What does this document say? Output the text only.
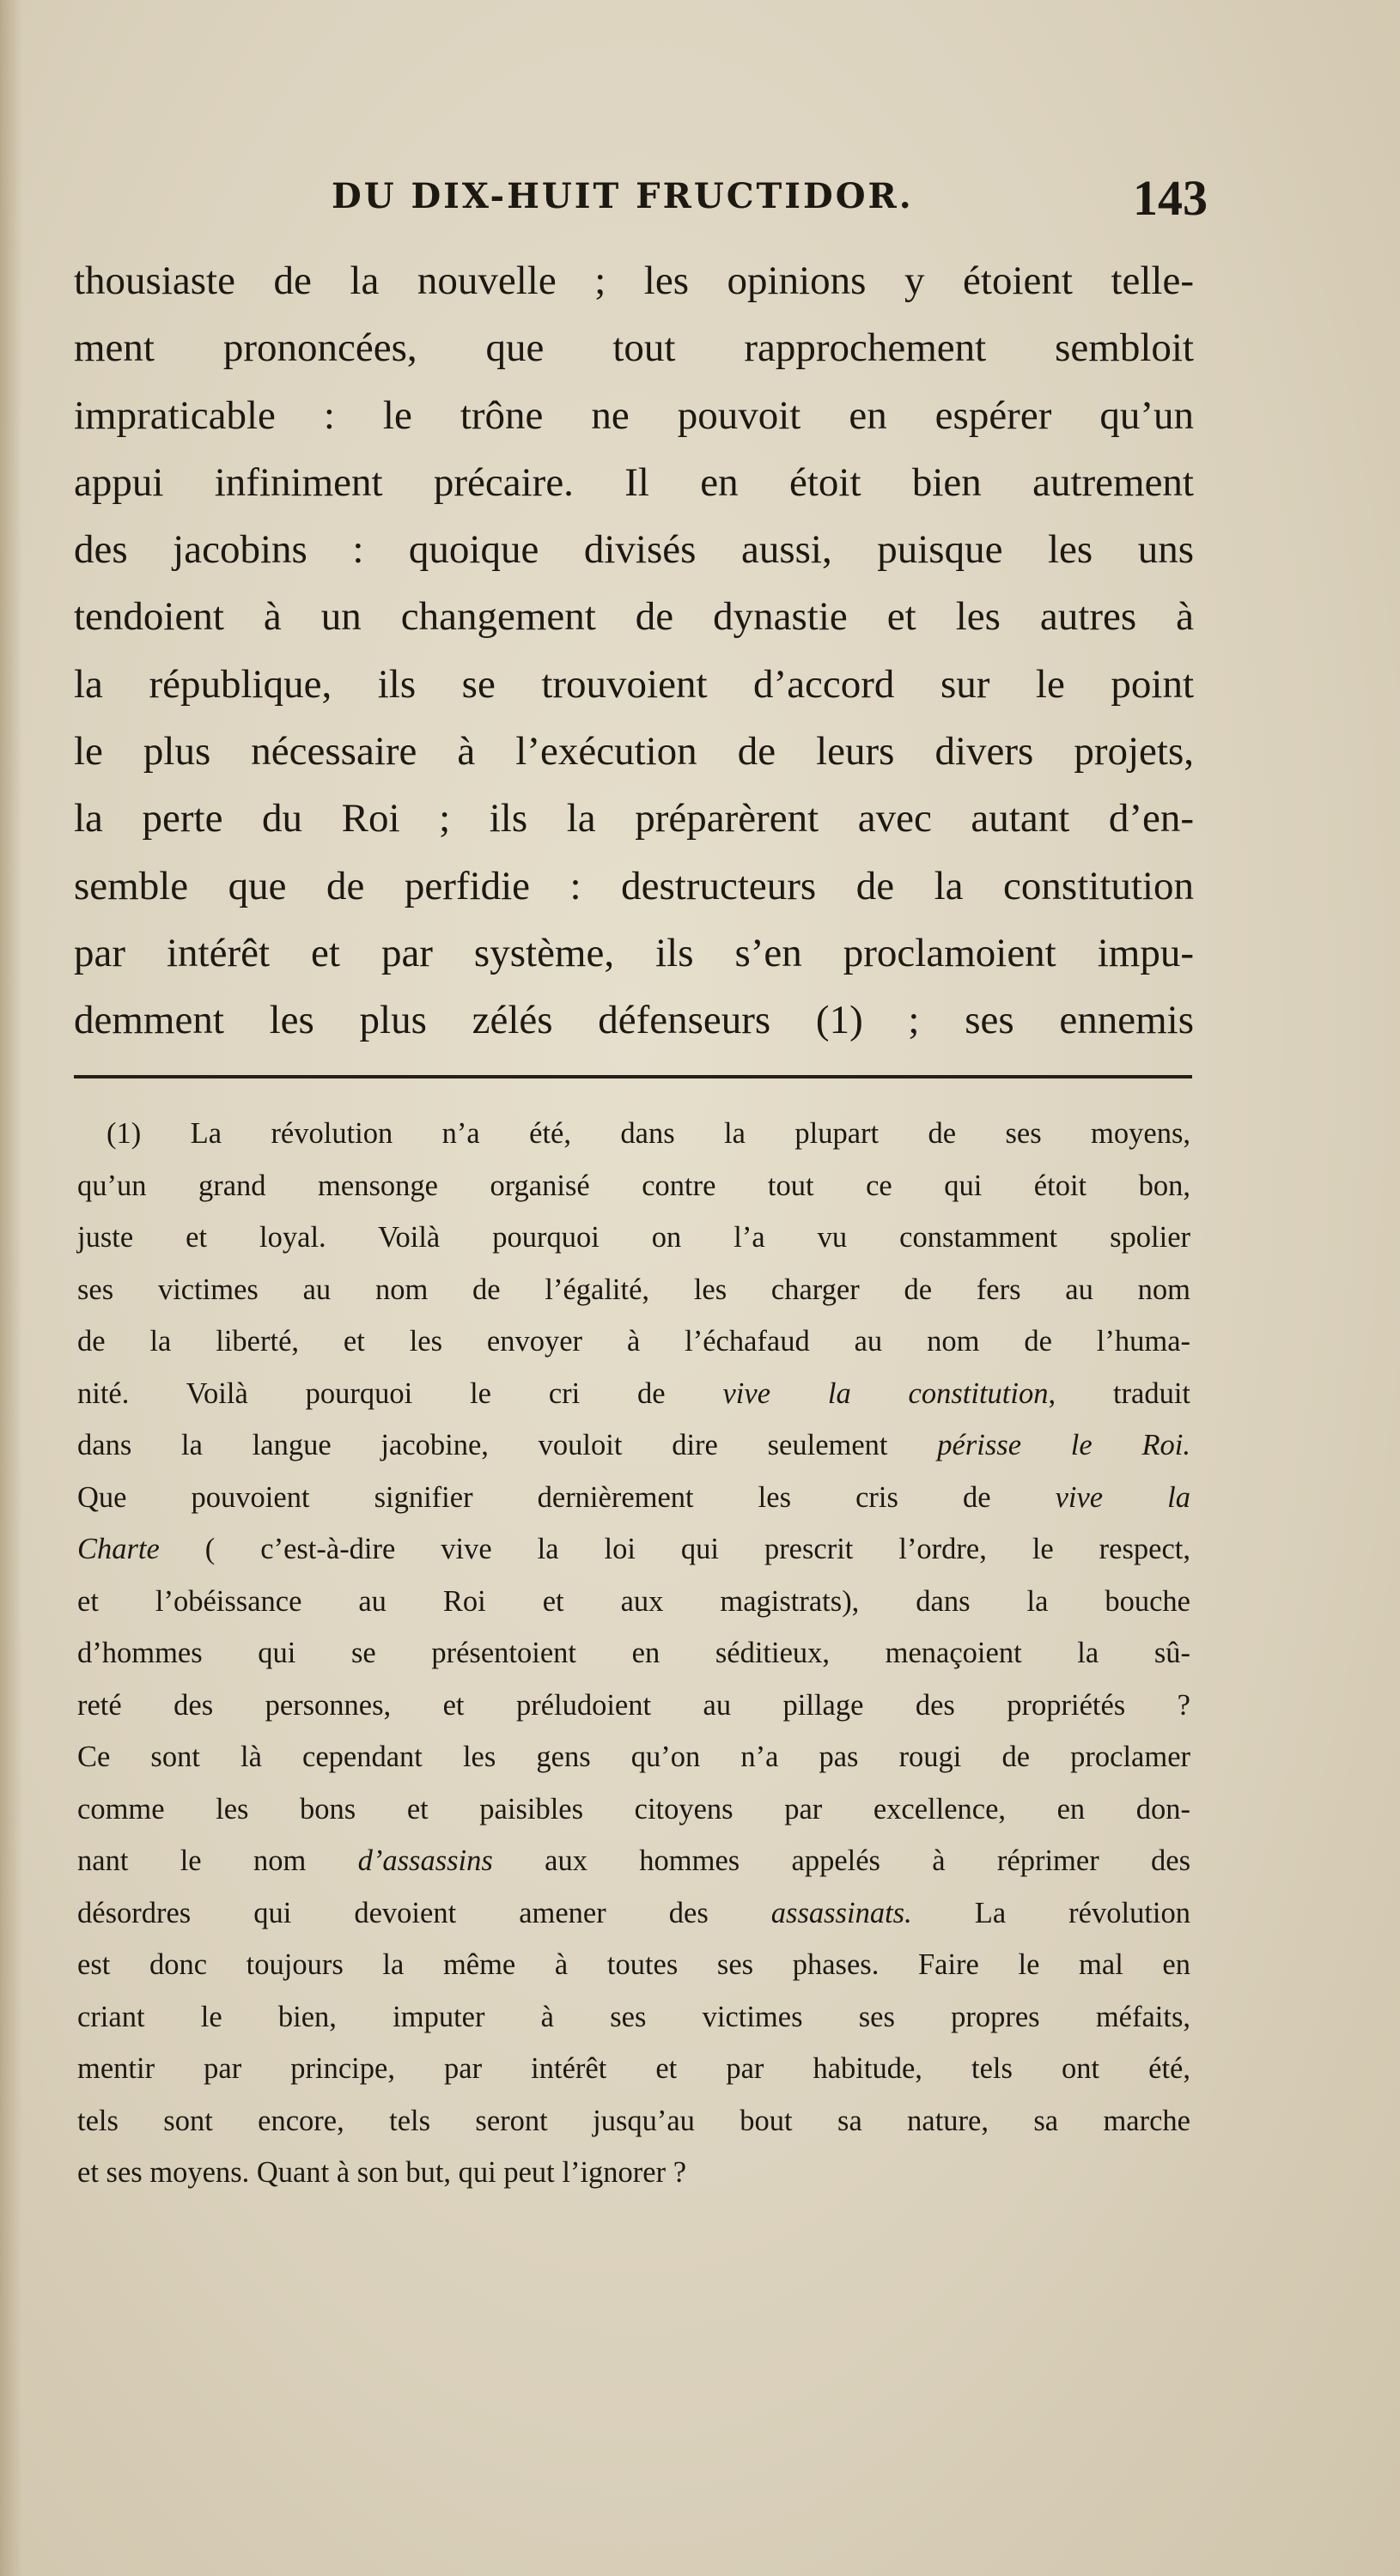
DU DIX-HUIT FRUCTIDOR.	143
thousiaste de la nouvelle ; les opinions y étoient telle-
ment prononcées, que tout rapprochement sembloit
impraticable : le trône ne pouvoit en espérer qu’un
appui infiniment précaire. Il en étoit bien autrement
des jacobins : quoique divisés aussi, puisque les uns
tendoient à un changement de dynastie et les autres à
la république, ils se trouvoient d’accord sur le point
le plus nécessaire à l’exécution de leurs divers projets,
la perte du Roi ; ils la préparèrent avec autant d’en-
semble que de perfidie : destructeurs de la constitution
par intérêt et par système, ils s’en proclamoient impu-
demment les plus zélés défenseurs (1) ; ses ennemis
(1) La révolution n’a été, dans la plupart de ses moyens,
qu’un grand mensonge organisé contre tout ce qui étoit bon,
juste et loyal. Voilà pourquoi on l’a vu constamment spolier
ses victimes au nom de l’égalité, les charger de fers au nom
de la liberté, et les envoyer à l’échafaud au nom de l’huma-
nité. Voilà pourquoi le cri de vive la constitution, traduit
dans la langue jacobine, vouloit dire seulement périsse le Roi.
Que pouvoient signifier dernièrement les cris de vive la
Charte ( c’est-à-dire vive la loi qui prescrit l’ordre, le respect,
et l’obéissance au Roi et aux magistrats), dans la bouche
d’hommes qui se présentoient en séditieux, menaçoient la sû-
reté des personnes, et préludoient au pillage des propriétés ?
Ce sont là cependant les gens qu’on n’a pas rougi de proclamer
comme les bons et paisibles citoyens par excellence, en don-
nant le nom d’assassins aux hommes appelés à réprimer des
désordres qui devoient amener des assassinats. La révolution
est donc toujours la même à toutes ses phases. Faire le mal en
criant le bien, imputer à ses victimes ses propres méfaits,
mentir par principe, par intérêt et par habitude, tels ont été,
tels sont encore, tels seront jusqu’au bout sa nature, sa marche
et ses moyens. Quant à son but, qui peut l’ignorer ?
